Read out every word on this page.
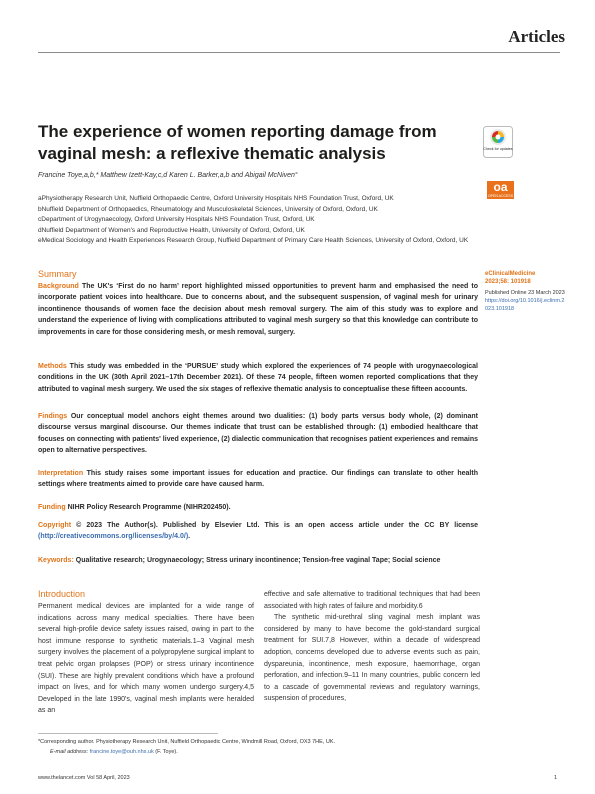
Articles
The experience of women reporting damage from vaginal mesh: a reflexive thematic analysis	Check for updates
oa
OPEN ACCESS
Francine Toye,a,b,* Matthew Izett-Kay,c,d Karen L. Barker,a,b and Abigail McNiven°

aPhysiotherapy Research Unit, Nuffield Orthopaedic Centre, Oxford University Hospitals NHS Foundation Trust, Oxford, UK

bNuffield Department of Orthopaedics, Rheumatology and Musculoskeletal Sciences, University of Oxford, Oxford, UK

cDepartment of Urogynaecology, Oxford University Hospitals NHS Foundation Trust, Oxford, UK

dNuffield Department of Women's and Reproductive Health, University of Oxford, Oxford, UK

eMedical Sociology and Health Experiences Research Group, Nuffield Department of Primary Care Health Sciences, University of Oxford, Oxford, UK

Summary	eClinicalMedicine
2023;58: 101918
Published Online 23 March 2023
https://doi.org/10.1016/j.eclinm.2023.101918
Background The UK's ‘First do no harm’ report highlighted missed opportunities to prevent harm and emphasised the need to incorporate patient voices into healthcare. Due to concerns about, and the subsequent suspension, of vaginal mesh for urinary incontinence thousands of women face the decision about mesh removal surgery. The aim of this study was to explore and understand the experience of living with complications attributed to vaginal mesh surgery so that this knowledge can contribute to improvements in care for those considering mesh, or mesh removal, surgery.
Methods This study was embedded in the ‘PURSUE’ study which explored the experiences of 74 people with urogynaecological conditions in the UK (30th April 2021–17th December 2021). Of these 74 people, fifteen women reported complications that they attributed to vaginal mesh surgery. We used the six stages of reflexive thematic analysis to conceptualise these fifteen accounts.
Findings Our conceptual model anchors eight themes around two dualities: (1) body parts versus body whole, (2) dominant discourse versus marginal discourse. Our themes indicate that trust can be established through: (1) embodied healthcare that focuses on connecting with patients' lived experience, (2) dialectic communication that recognises patient experiences and remains open to alternative perspectives.
Interpretation This study raises some important issues for education and practice. Our findings can translate to other health settings where treatments aimed to provide care have caused harm.
Funding NIHR Policy Research Programme (NIHR202450).
Copyright © 2023 The Author(s). Published by Elsevier Ltd. This is an open access article under the CC BY license (http://creativecommons.org/licenses/by/4.0/).
Keywords: Qualitative research; Urogynaecology; Stress urinary incontinence; Tension-free vaginal Tape; Social science
Introduction
Permanent medical devices are implanted for a wide range of indications across many medical specialties. There have been several high-profile device safety issues raised, owing in part to the host immune response to synthetic materials.1–3 Vaginal mesh surgery involves the placement of a polypropylene surgical implant to treat pelvic organ prolapses (POP) or stress urinary incontinence (SUI). These are highly prevalent conditions which have a profound impact on lives, and for which many women undergo surgery.4,5 Developed in the late 1990's, vaginal mesh implants were heralded as an
effective and safe alternative to traditional techniques that had been associated with high rates of failure and morbidity.6
The synthetic mid-urethral sling vaginal mesh implant was considered by many to have become the gold-standard surgical treatment for SUI.7,8 However, within a decade of widespread adoption, concerns developed due to adverse events such as pain, dyspareunia, incontinence, mesh exposure, haemorrhage, organ perforation, and infection.9–11 In many countries, public concern led to a cascade of governmental reviews and regulatory warnings, suspension of procedures,
*Corresponding author. Physiotherapy Research Unit, Nuffield Orthopaedic Centre, Windmill Road, Oxford, OX3 7HE, UK.
E-mail address: francine.toye@ouh.nhs.uk (F. Toye).
www.thelancet.com Vol 58 April, 2023	1
